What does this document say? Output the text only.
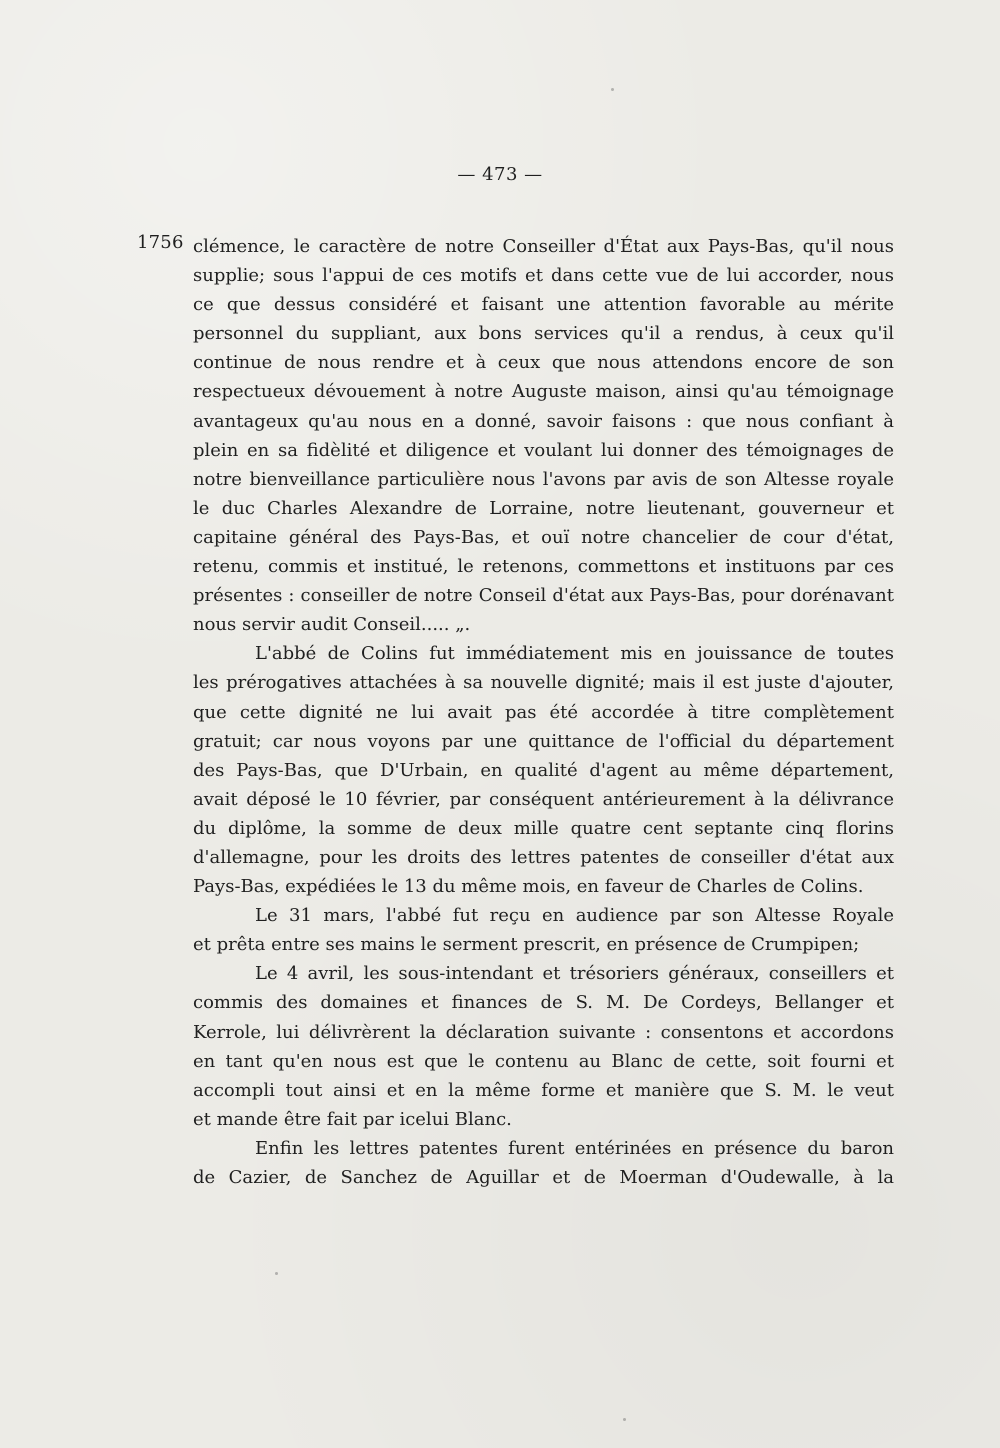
— 473 —
1756 clémence, le caractère de notre Conseiller d'État aux Pays-Bas, qu'il nous
supplie; sous l'appui de ces motifs et dans cette vue de lui accorder, nous
ce que dessus considéré et faisant une attention favorable au mérite
personnel du suppliant, aux bons services qu'il a rendus, à ceux qu'il
continue de nous rendre et à ceux que nous attendons encore de son
respectueux dévouement à notre Auguste maison, ainsi qu'au témoignage
avantageux qu'au nous en a donné, savoir faisons : que nous confiant à
plein en sa fidèlité et diligence et voulant lui donner des témoignages de
notre bienveillance particulière nous l'avons par avis de son Altesse royale
le duc Charles Alexandre de Lorraine, notre lieutenant, gouverneur et
capitaine général des Pays-Bas, et ouï notre chancelier de cour d'état,
retenu, commis et institué, le retenons, commettons et instituons par ces
présentes : conseiller de notre Conseil d'état aux Pays-Bas, pour dorénavant
nous servir audit Conseil..... „.
L'abbé de Colins fut immédiatement mis en jouissance de toutes
les prérogatives attachées à sa nouvelle dignité; mais il est juste d'ajouter,
que cette dignité ne lui avait pas été accordée à titre complètement
gratuit; car nous voyons par une quittance de l'official du département
des Pays-Bas, que D'Urbain, en qualité d'agent au même département,
avait déposé le 10 février, par conséquent antérieurement à la délivrance
du diplôme, la somme de deux mille quatre cent septante cinq florins
d'allemagne, pour les droits des lettres patentes de conseiller d'état aux
Pays-Bas, expédiées le 13 du même mois, en faveur de Charles de Colins.
Le 31 mars, l'abbé fut reçu en audience par son Altesse Royale
et prêta entre ses mains le serment prescrit, en présence de Crumpipen;
Le 4 avril, les sous-intendant et trésoriers généraux, conseillers et
commis des domaines et finances de S. M. De Cordeys, Bellanger et
Kerrole, lui délivrèrent la déclaration suivante : consentons et accordons
en tant qu'en nous est que le contenu au Blanc de cette, soit fourni et
accompli tout ainsi et en la même forme et manière que S. M. le veut
et mande être fait par icelui Blanc.
Enfin les lettres patentes furent entérinées en présence du baron
de Cazier, de Sanchez de Aguillar et de Moerman d'Oudewalle, à la
